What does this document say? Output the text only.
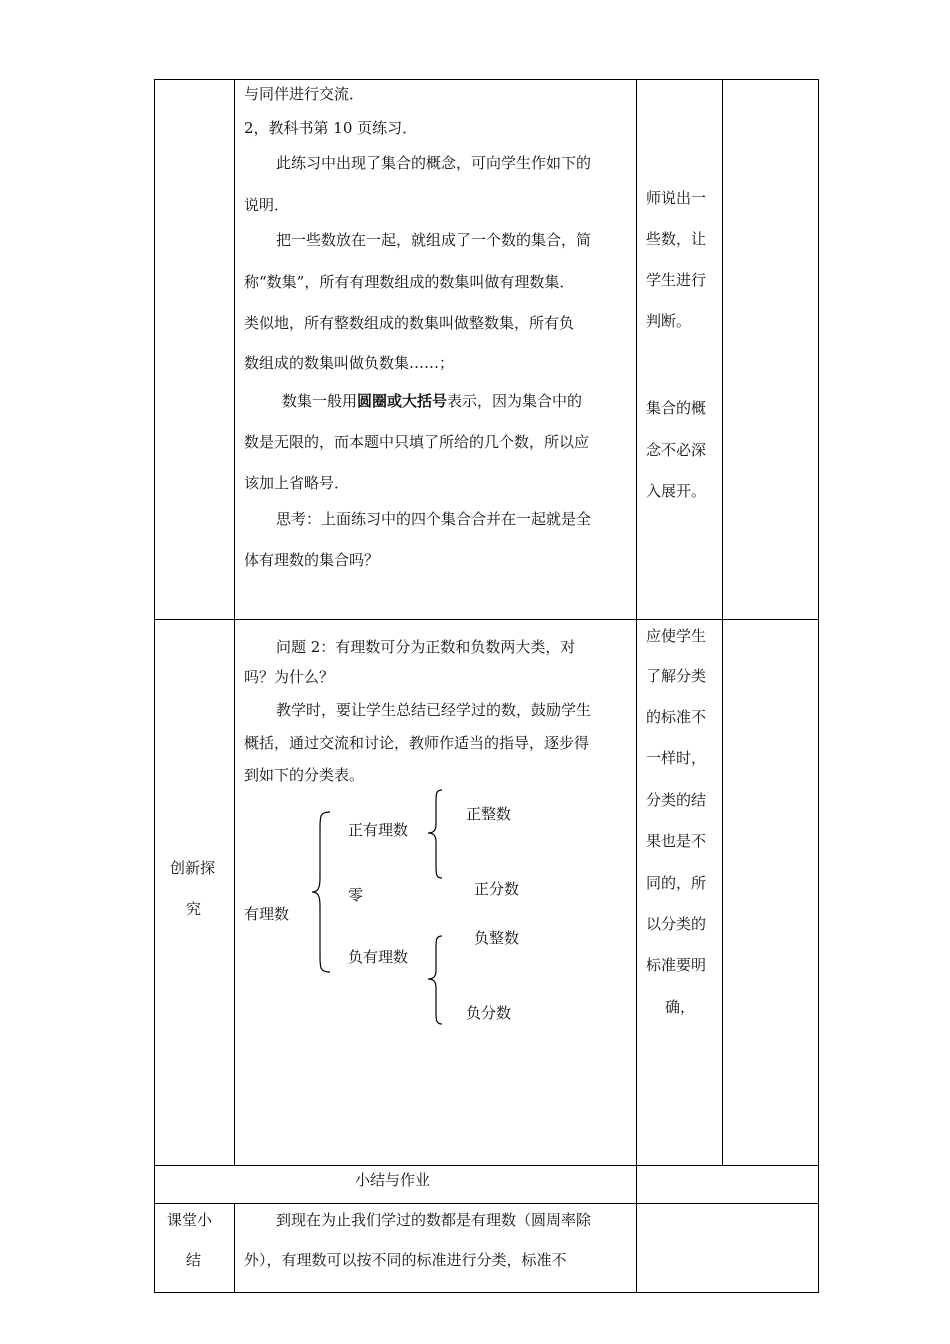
与同伴进行交流．
2，教科书第 10 页练习．
此练习中出现了集合的概念，可向学生作如下的
说明．
把一些数放在一起，就组成了一个数的集合，简
称“数集”，所有有理数组成的数集叫做有理数集．
类似地，所有整数组成的数集叫做整数集，所有负
数组成的数集叫做负数集……；
数集一般用圆圈或大括号表示，因为集合中的
数是无限的，而本题中只填了所给的几个数，所以应
该加上省略号．
思考：上面练习中的四个集合合并在一起就是全
体有理数的集合吗？
师说出一
些数，让
学生进行
判断。
集合的概
念不必深
入展开。
创新探
究
问题 2：有理数可分为正数和负数两大类，对
吗？为什么？
教学时，要让学生总结已经学过的数，鼓励学生
概括，通过交流和讨论，教师作适当的指导，逐步得
到如下的分类表。
有理数
正有理数
零
负有理数
正整数
正分数
负整数
负分数
应使学生
了解分类
的标准不
一样时，
分类的结
果也是不
同的，所
以分类的
标准要明
确，
小结与作业
课堂小
结
到现在为止我们学过的数都是有理数（圆周率除
外），有理数可以按不同的标准进行分类，标准不
